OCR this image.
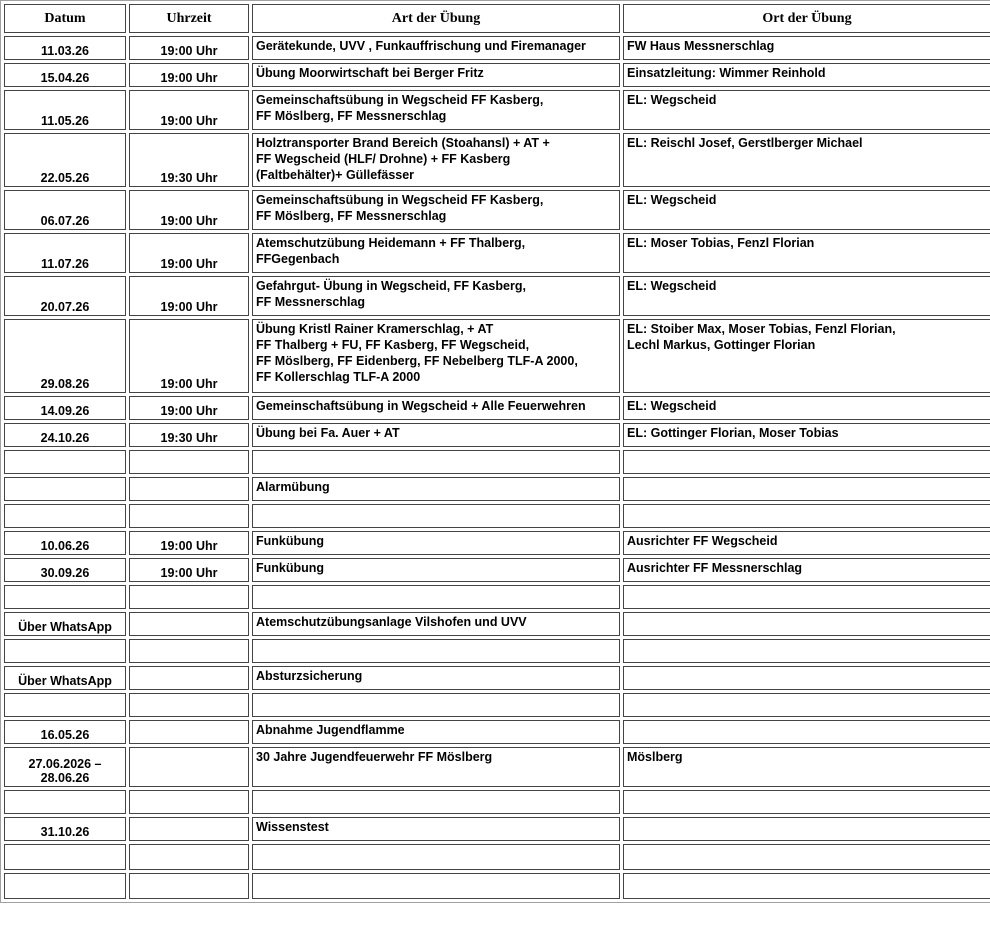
Datum	Uhrzeit	Art der Übung	Ort der Übung

11.03.26	19:00 Uhr	Gerätekunde, UVV , Funkauffrischung und Firemanager	FW Haus Messnerschlag

15.04.26	19:00 Uhr	Übung Moorwirtschaft bei Berger Fritz	Einsatzleitung: Wimmer Reinhold

11.05.26	19:00 Uhr	Gemeinschaftsübung in Wegscheid FF Kasberg,
FF Möslberg, FF Messnerschlag	EL: Wegscheid

22.05.26	19:30 Uhr	Holztransporter Brand Bereich (Stoahansl) + AT +
FF Wegscheid (HLF/ Drohne) + FF Kasberg
(Faltbehälter)+ Güllefässer	EL: Reischl Josef, Gerstlberger Michael

06.07.26	19:00 Uhr	Gemeinschaftsübung in Wegscheid FF Kasberg,
FF Möslberg, FF Messnerschlag	EL: Wegscheid

11.07.26	19:00 Uhr	Atemschutzübung Heidemann + FF Thalberg,
FFGegenbach	EL: Moser Tobias, Fenzl Florian

20.07.26	19:00 Uhr	Gefahrgut- Übung in Wegscheid, FF Kasberg,
FF Messnerschlag	EL: Wegscheid

29.08.26	19:00 Uhr	Übung Kristl Rainer Kramerschlag, + AT
FF Thalberg + FU, FF Kasberg, FF Wegscheid,
FF Möslberg, FF Eidenberg, FF Nebelberg TLF-A 2000,
FF Kollerschlag TLF-A 2000	EL: Stoiber Max, Moser Tobias, Fenzl Florian,
Lechl Markus, Gottinger Florian

14.09.26	19:00 Uhr	Gemeinschaftsübung in Wegscheid + Alle Feuerwehren	EL: Wegscheid

24.10.26	19:30 Uhr	Übung bei Fa. Auer + AT	EL: Gottinger Florian, Moser Tobias

		Alarmübung	

10.06.26	19:00 Uhr	Funkübung	Ausrichter FF Wegscheid

30.09.26	19:00 Uhr	Funkübung	Ausrichter FF Messnerschlag

Über WhatsApp		Atemschutzübungsanlage Vilshofen und UVV	

Über WhatsApp		Absturzsicherung	

16.05.26		Abnahme Jugendflamme	

27.06.2026 –
28.06.26		30 Jahre Jugendfeuerwehr FF Möslberg	Möslberg

31.10.26		Wissenstest	
